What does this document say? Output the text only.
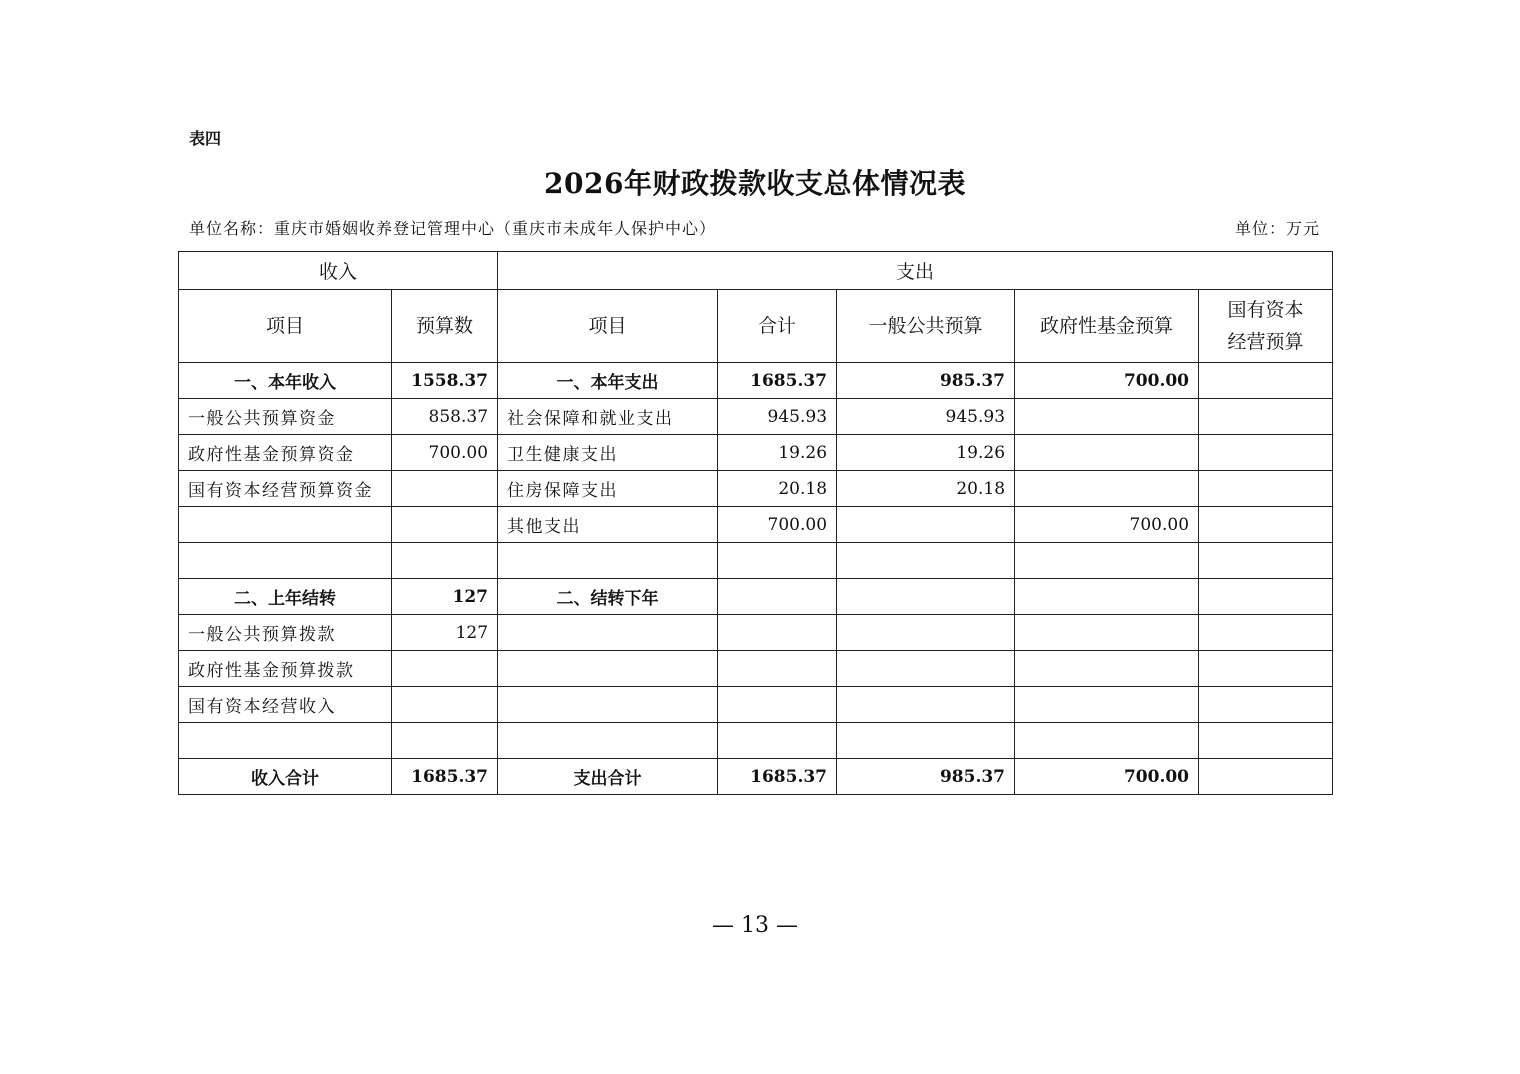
表四
2026年财政拨款收支总体情况表
单位名称：重庆市婚姻收养登记管理中心（重庆市未成年人保护中心）	单位：万元
收入		支出				
项目	预算数	项目	合计	一般公共预算	政府性基金预算	国有资本
经营预算
一、本年收入	1558.37	一、本年支出	1685.37	985.37	700.00	
一般公共预算资金	858.37	社会保障和就业支出	945.93	945.93		
政府性基金预算资金	700.00	卫生健康支出	19.26	19.26		
国有资本经营预算资金		住房保障支出	20.18	20.18		
		其他支出	700.00		700.00	

二、上年结转	127	二、结转下年				
一般公共预算拨款	127					
政府性基金预算拨款						
国有资本经营收入						

收入合计	1685.37	支出合计	1685.37	985.37	700.00	
— 13 —
